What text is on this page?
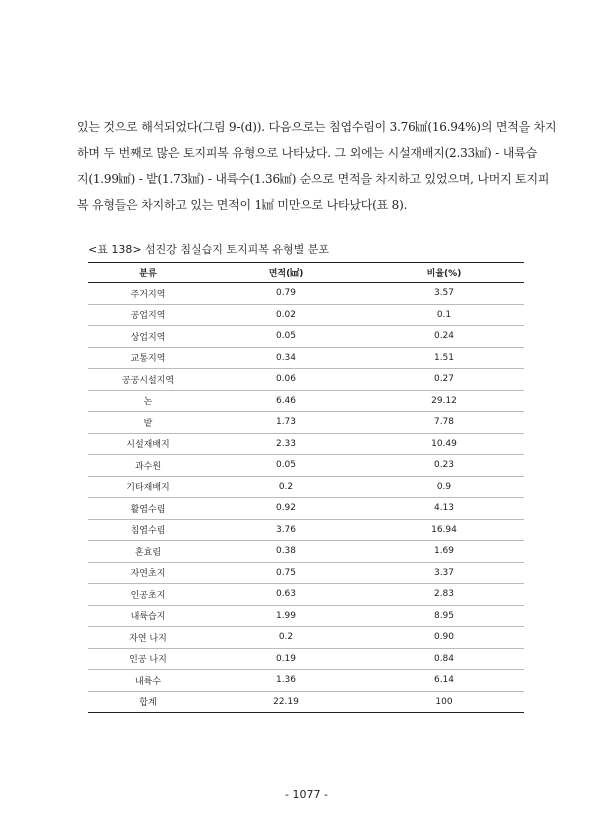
있는 것으로 해석되었다(그림 9-(d)). 다음으로는 침엽수림이 3.76㎢(16.94%)의 면적을 차지
하며 두 번째로 많은 토지피복 유형으로 나타났다. 그 외에는 시설재배지(2.33㎢) - 내륙습
지(1.99㎢) - 밭(1.73㎢) - 내륙수(1.36㎢) 순으로 면적을 차지하고 있었으며, 나머지 토지피
복 유형들은 차지하고 있는 면적이 1㎢ 미만으로 나타났다(표 8).
<표 138> 섬진강 침실습지 토지피복 유형별 분포
분류	면적(㎢)	비율(%)
주거지역	0.79	3.57
공업지역	0.02	0.1
상업지역	0.05	0.24
교통지역	0.34	1.51
공공시설지역	0.06	0.27
논	6.46	29.12
밭	1.73	7.78
시설재배지	2.33	10.49
과수원	0.05	0.23
기타재배지	0.2	0.9
활엽수림	0.92	4.13
침엽수림	3.76	16.94
혼효림	0.38	1.69
자연초지	0.75	3.37
인공초지	0.63	2.83
내륙습지	1.99	8.95
자연 나지	0.2	0.90
인공 나지	0.19	0.84
내륙수	1.36	6.14
합계	22.19	100
- 1077 -
